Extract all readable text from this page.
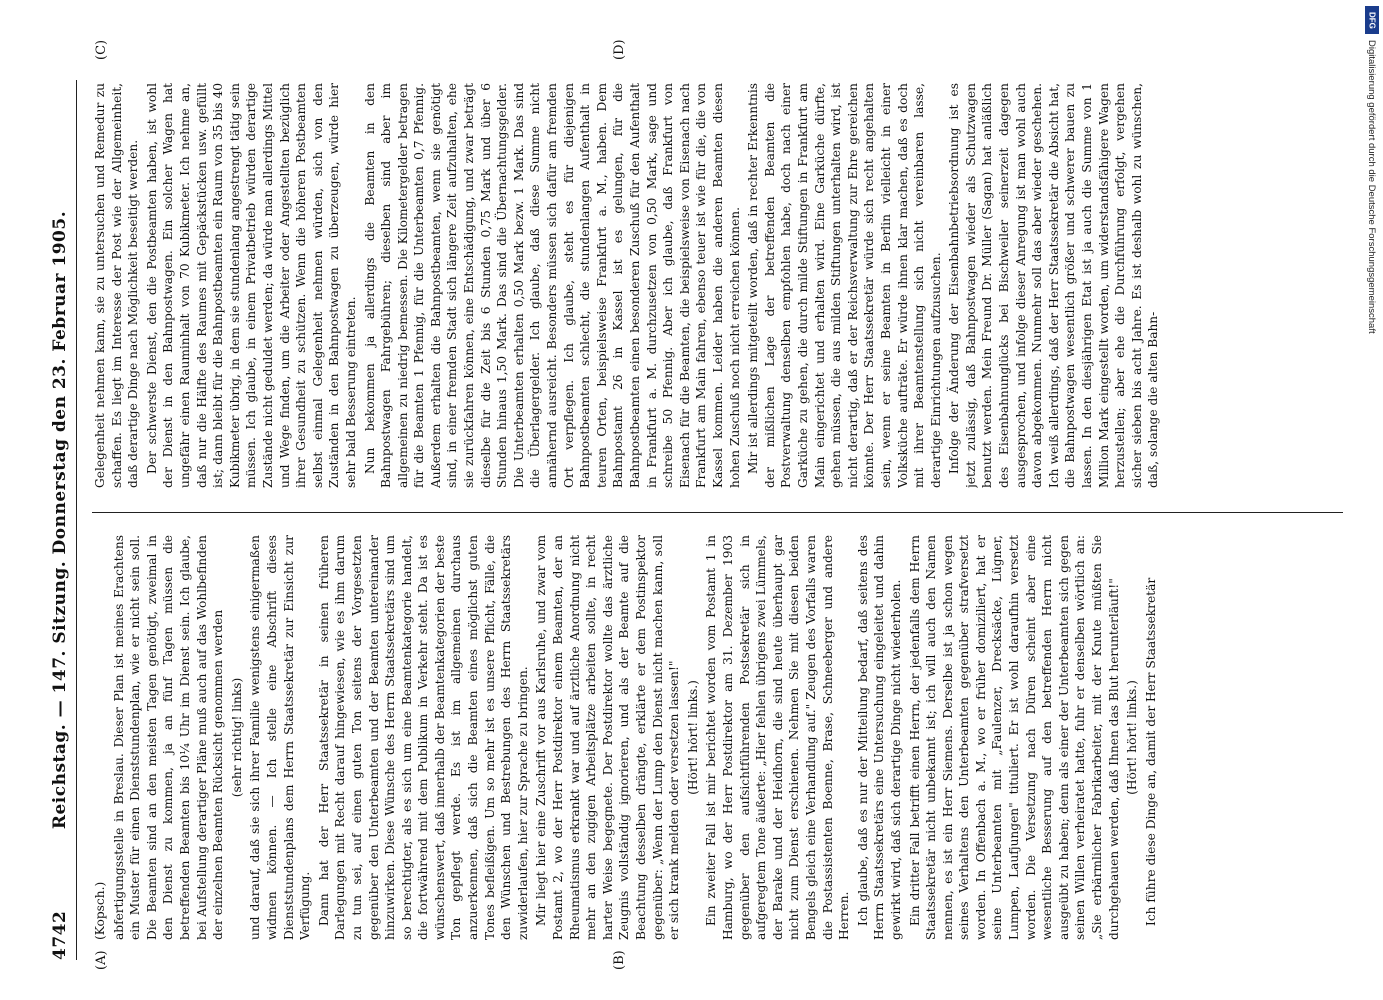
4742
Reichstag. — 147. Sitzung. Donnerstag den 23. Februar 1905.
(A)	(B)
(C)	(D)

(Kopsch.) abfertigungsstelle in Breslau. Dieser Plan ist meines Erachtens ein Muster für einen Dienststundenplan, wie er nicht sein soll. Die Beamten sind an den meisten Tagen genötigt, zweimal in den Dienst zu kommen, ja an fünf Tagen müssen die betreffenden Beamten bis 10¼ Uhr im Dienst sein. Ich glaube, bei Aufstellung derartiger Pläne muß auch auf das Wohlbefinden der einzelnen Beamten Rücksicht genommen werden (sehr richtig! links) und darauf, daß sie sich ihrer Familie wenigstens einigermaßen widmen können. — Ich stelle eine Abschrift dieses Dienststundenplans dem Herrn Staatssekretär zur Einsicht zur Verfügung. Dann hat der Herr Staatssekretär in seinen früheren Darlegungen mit Recht darauf hingewiesen, wie es ihm darum zu tun sei, auf einen guten Ton seitens der Vorgesetzten gegenüber den Unterbeamten und der Beamten untereinander hinzuwirken. Diese Wünsche des Herrn Staatssekretärs sind um so berechtigter, als es sich um eine Beamtenkategorie handelt, die fortwährend mit dem Publikum in Verkehr steht. Da ist es wünschenswert, daß innerhalb der Beamtenkategorien der beste Ton gepflegt werde. Es ist im allgemeinen durchaus anzuerkennen, daß sich die Beamten eines möglichst guten Tones befleißigen. Um so mehr ist es unsere Pflicht, Fälle, die den Wünschen und Bestrebungen des Herrn Staatssekretärs zuwiderlaufen, hier zur Sprache zu bringen. Mir liegt hier eine Zuschrift vor aus Karlsruhe, und zwar vom Postamt 2, wo der Herr Postdirektor einem Beamten, der an Rheumatismus erkrankt war und auf ärztliche Anordnung nicht mehr an den zugigen Arbeitsplätze arbeiten sollte, in recht harter Weise begegnete. Der Postdirektor wollte das ärztliche Zeugnis vollständig ignorieren, und als der Beamte auf die Beachtung desselben drängte, erklärte er dem Postinspektor gegenüber: „Wenn der Lump den Dienst nicht machen kann, soll er sich krank melden oder versetzen lassen!" (Hört! hört! links.) Ein zweiter Fall ist mir berichtet worden vom Postamt 1 in Hamburg, wo der Herr Postdirektor am 31. Dezember 1903 gegenüber den aufsichtführenden Postsekretär sich in aufgeregtem Tone äußerte: „Hier fehlen übrigens zwei Lümmels, der Barake und der Heidhorn, die sind heute überhaupt gar nicht zum Dienst erschienen. Nehmen Sie mit diesen beiden Bengels gleich eine Verhandlung auf." Zeugen des Vorfalls waren die Postassistenten Boenne, Brase, Schneeberger und andere Herren. Ich glaube, daß es nur der Mitteilung bedarf, daß seitens des Herrn Staatssekretärs eine Untersuchung eingeleitet und dahin gewirkt wird, daß sich derartige Dinge nicht wiederholen. Ein dritter Fall betrifft einen Herrn, der jedenfalls dem Herrn Staatssekretär nicht unbekannt ist; ich will auch den Namen nennen, es ist ein Herr Siemens. Derselbe ist ja schon wegen seines Verhaltens den Unterbeamten gegenüber strafversetzt worden. In Offenbach a. M., wo er früher domiziliert, hat er seine Unterbeamten mit „Faulenzer, Drecksäcke, Lügner, Lumpen, Laufjungen" tituliert. Er ist wohl daraufhin versetzt worden. Die Versetzung nach Düren scheint aber eine wesentliche Besserung auf den betreffenden Herrn nicht ausgeübt zu haben; denn als einer der Unterbeamten sich gegen seinen Willen verheiratet hatte, fuhr er denselben wörtlich an: „Sie erbärmlicher Fabrikarbeiter, mit der Knute müßten Sie durchgehauen werden, daß Ihnen das Blut herunterläuft!" (Hört! hört! links.) Ich führe diese Dinge an, damit der Herr Staatssekretär

Gelegenheit nehmen kann, sie zu untersuchen und Remedur zu schaffen. Es liegt im Interesse der Post wie der Allgemeinheit, daß derartige Dinge nach Möglichkeit beseitigt werden. Der schwerste Dienst, den die Postbeamten haben, ist wohl der Dienst in den Bahnpostwagen. Ein solcher Wagen hat ungefähr einen Rauminhalt von 70 Kubikmeter. Ich nehme an, daß nur die Hälfte des Raumes mit Gepäckstücken usw. gefüllt ist; dann bleibt für die Bahnpostbeamten ein Raum von 35 bis 40 Kubikmeter übrig, in dem sie stundenlang angestrengt tätig sein müssen. Ich glaube, in einem Privatbetrieb würden derartige Zustände nicht geduldet werden; da würde man allerdings Mittel und Wege finden, um die Arbeiter oder Angestellten bezüglich ihrer Gesundheit zu schützen. Wenn die höheren Postbeamten selbst einmal Gelegenheit nehmen würden, sich von den Zuständen in den Bahnpostwagen zu überzeugen, würde hier sehr bald Besserung eintreten. Nun bekommen ja allerdings die Beamten in den Bahnpostwagen Fahrgebühren; dieselben sind aber im allgemeinen zu niedrig bemessen. Die Kilometergelder betragen für die Beamten 1 Pfennig, für die Unterbeamten 0,7 Pfennig. Außerdem erhalten die Bahnpostbeamten, wenn sie genötigt sind, in einer fremden Stadt sich längere Zeit aufzuhalten, ehe sie zurückfahren können, eine Entschädigung, und zwar beträgt dieselbe für die Zeit bis 6 Stunden 0,75 Mark und über 6 Stunden hinaus 1,50 Mark. Das sind die Übernachtungsgelder. Die Unterbeamten erhalten 0,50 Mark bezw. 1 Mark. Das sind die Überlagergelder. Ich glaube, daß diese Summe nicht annähernd ausreicht. Besonders müssen sich dafür am fremden Ort verpflegen. Ich glaube, steht es für diejenigen Bahnpostbeamten schlecht, die stundenlangen Aufenthalt in teuren Orten, beispielsweise Frankfurt a. M., haben. Dem Bahnpostamt 26 in Kassel ist es gelungen, für die Bahnpostbeamten einen besonderen Zuschuß für den Aufenthalt in Frankfurt a. M. durchzusetzen von 0,50 Mark, sage und schreibe 50 Pfennig. Aber ich glaube, daß Frankfurt von Eisenach für die Beamten, die beispielsweise von Eisenach nach Frankfurt am Main fahren, ebenso teuer ist wie für die, die von Kassel kommen. Leider haben die anderen Beamten diesen hohen Zuschuß noch nicht erreichen können. Mir ist allerdings mitgeteilt worden, daß in rechter Erkenntnis der mißlichen Lage der betreffenden Beamten die Postverwaltung denselben empfohlen habe, doch nach einer Garküche zu gehen, die durch milde Stiftungen in Frankfurt am Main eingerichtet und erhalten wird. Eine Garküche dürfte, gehen müssen, die aus milden Stiftungen unterhalten wird, ist nicht derartig, daß er der Reichsverwaltung zur Ehre gereichen könnte. Der Herr Staatssekretär würde sich recht angehalten sein, wenn er seine Beamten in Berlin vielleicht in einer Volksküche aufträte. Er würde ihnen klar machen, daß es doch mit ihrer Beamtenstellung sich nicht vereinbaren lasse, derartige Einrichtungen aufzusuchen. Infolge der Änderung der Eisenbahnbetriebsordnung ist es jetzt zulässig, daß Bahnpostwagen wieder als Schutzwagen benutzt werden. Mein Freund Dr. Müller (Sagan) hat anläßlich des Eisenbahnunglücks bei Bischweiler seinerzeit dagegen ausgesprochen, und infolge dieser Anregung ist man wohl auch davon abgekommen. Nunmehr soll das aber wieder geschehen. Ich weiß allerdings, daß der Herr Staatssekretär die Absicht hat, die Bahnpostwagen wesentlich größer und schwerer bauen zu lassen. In den diesjährigen Etat ist ja auch die Summe von 1 Million Mark eingestellt worden, um widerstandsfähigere Wagen herzustellen; aber ehe die Durchführung erfolgt, vergehen sicher sieben bis acht Jahre. Es ist deshalb wohl zu wünschen, daß, solange die alten Bahn-

DFG
Digitalisierung gefördert durch die Deutsche Forschungsgemeinschaft
